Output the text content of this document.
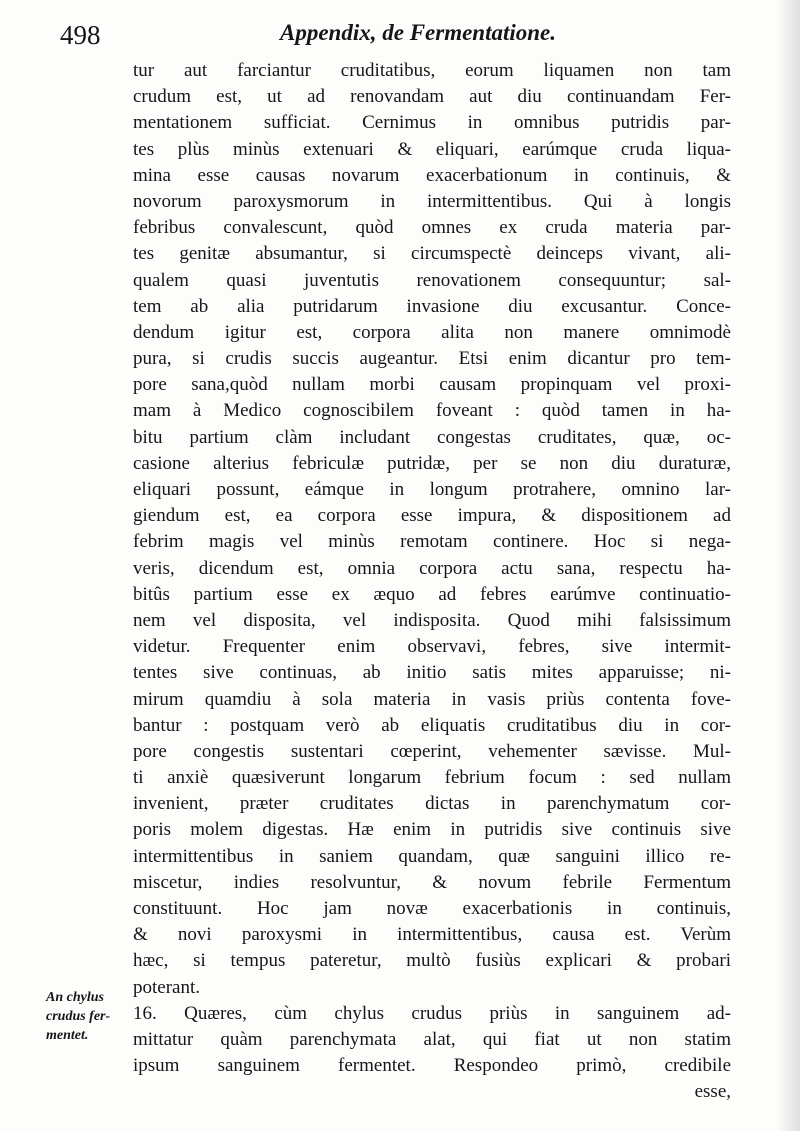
498	Appendix, de Fermentatione.
tur aut farciantur cruditatibus, eorum liquamen non tam
crudum est, ut ad renovandam aut diu continuandam Fer-
mentationem sufficiat. Cernimus in omnibus putridis par-
tes plùs minùs extenuari & eliquari, earúmque cruda liqua-
mina esse causas novarum exacerbationum in continuis, &
novorum paroxysmorum in intermittentibus. Qui à longis
febribus convalescunt, quòd omnes ex cruda materia par-
tes genitæ absumantur, si circumspectè deinceps vivant, ali-
qualem quasi juventutis renovationem consequuntur; sal-
tem ab alia putridarum invasione diu excusantur. Conce-
dendum igitur est, corpora alita non manere omnimodè
pura, si crudis succis augeantur. Etsi enim dicantur pro tem-
pore sana,quòd nullam morbi causam propinquam vel proxi-
mam à Medico cognoscibilem foveant : quòd tamen in ha-
bitu partium clàm includant congestas cruditates, quæ, oc-
casione alterius febriculæ putridæ, per se non diu duraturæ,
eliquari possunt, eámque in longum protrahere, omnino lar-
giendum est, ea corpora esse impura, & dispositionem ad
febrim magis vel minùs remotam continere. Hoc si nega-
veris, dicendum est, omnia corpora actu sana, respectu ha-
bitûs partium esse ex æquo ad febres earúmve continuatio-
nem vel disposita, vel indisposita. Quod mihi falsissimum
videtur. Frequenter enim observavi, febres, sive intermit-
tentes sive continuas, ab initio satis mites apparuisse; ni-
mirum quamdiu à sola materia in vasis priùs contenta fove-
bantur : postquam verò ab eliquatis cruditatibus diu in cor-
pore congestis sustentari cœperint, vehementer sævisse. Mul-
ti anxiè quæsiverunt longarum febrium focum : sed nullam
invenient, præter cruditates dictas in parenchymatum cor-
poris molem digestas. Hæ enim in putridis sive continuis sive
intermittentibus in saniem quandam, quæ sanguini illico re-
miscetur, indies resolvuntur, & novum febrile Fermentum
constituunt. Hoc jam novæ exacerbationis in continuis,
& novi paroxysmi in intermittentibus, causa est. Verùm
hæc, si tempus pateretur, multò fusiùs explicari & probari
poterant.
16. Quæres, cùm chylus crudus priùs in sanguinem ad-
mittatur quàm parenchymata alat, qui fiat ut non statim
ipsum sanguinem fermentet. Respondeo primò, credibile
esse,
An chylus
crudus fer-
mentet.
